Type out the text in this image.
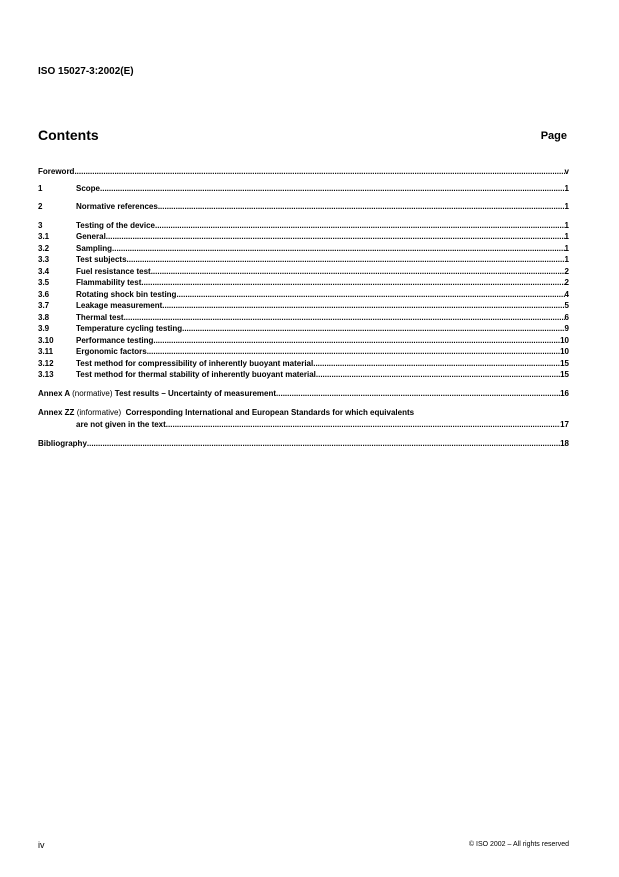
ISO 15027-3:2002(E)
Contents	Page
Foreword .....	v
1	Scope .....	1
2	Normative references .....	1
3	Testing of the device .....	1
3.1	General .....	1
3.2	Sampling .....	1
3.3	Test subjects .....	1
3.4	Fuel resistance test .....	2
3.5	Flammability test .....	2
3.6	Rotating shock bin testing .....	4
3.7	Leakage measurement .....	5
3.8	Thermal test .....	6
3.9	Temperature cycling testing .....	9
3.10	Performance testing .....	10
3.11	Ergonomic factors .....	10
3.12	Test method for compressibility of inherently buoyant material .....	15
3.13	Test method for thermal stability of inherently buoyant material .....	15
Annex A (normative) Test results – Uncertainty of measurement .....	16
Annex ZZ (informative) Corresponding International and European Standards for which equivalents
are not given in the text .....	17
Bibliography .....	18
iv	© ISO 2002 – All rights reserved
